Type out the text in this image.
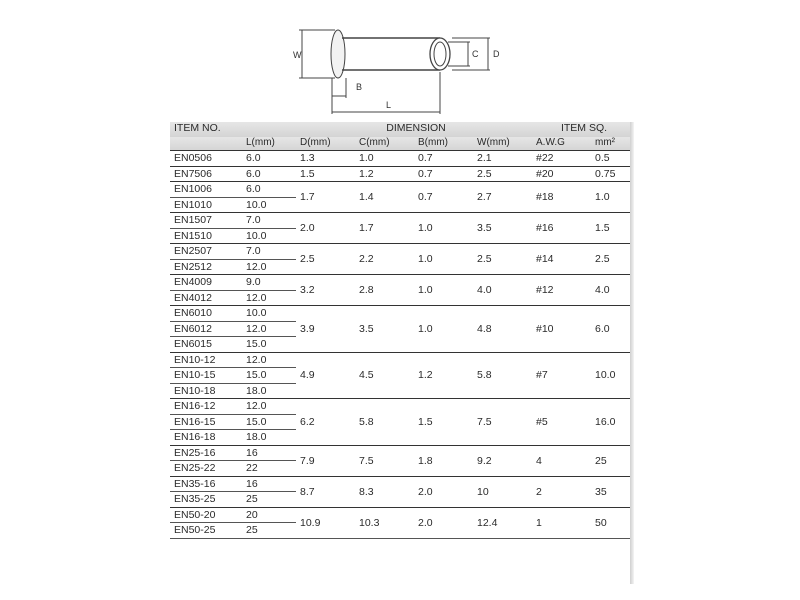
W
B
L
C D
ITEM NO.		DIMENSION				ITEM SQ.	
	L(mm)	D(mm)	C(mm)	B(mm)	W(mm)	A.W.G	mm²
EN0506	6.0	1.3	1.0	0.7	2.1	#22	0.5
EN7506	6.0	1.5	1.2	0.7	2.5	#20	0.75
EN1006	6.0	1.7	1.4	0.7	2.7	#18	1.0
EN1010	10.0						
EN1507	7.0	2.0	1.7	1.0	3.5	#16	1.5
EN1510	10.0						
EN2507	7.0	2.5	2.2	1.0	2.5	#14	2.5
EN2512	12.0						
EN4009	9.0	3.2	2.8	1.0	4.0	#12	4.0
EN4012	12.0						
EN6010	10.0	3.9	3.5	1.0	4.8	#10	6.0
EN6012	12.0						
EN6015	15.0						
EN10-12	12.0	4.9	4.5	1.2	5.8	#7	10.0
EN10-15	15.0						
EN10-18	18.0						
EN16-12	12.0	6.2	5.8	1.5	7.5	#5	16.0
EN16-15	15.0						
EN16-18	18.0						
EN25-16	16	7.9	7.5	1.8	9.2	4	25
EN25-22	22						
EN35-16	16	8.7	8.3	2.0	10	2	35
EN35-25	25						
EN50-20	20	10.9	10.3	2.0	12.4	1	50
EN50-25	25						
